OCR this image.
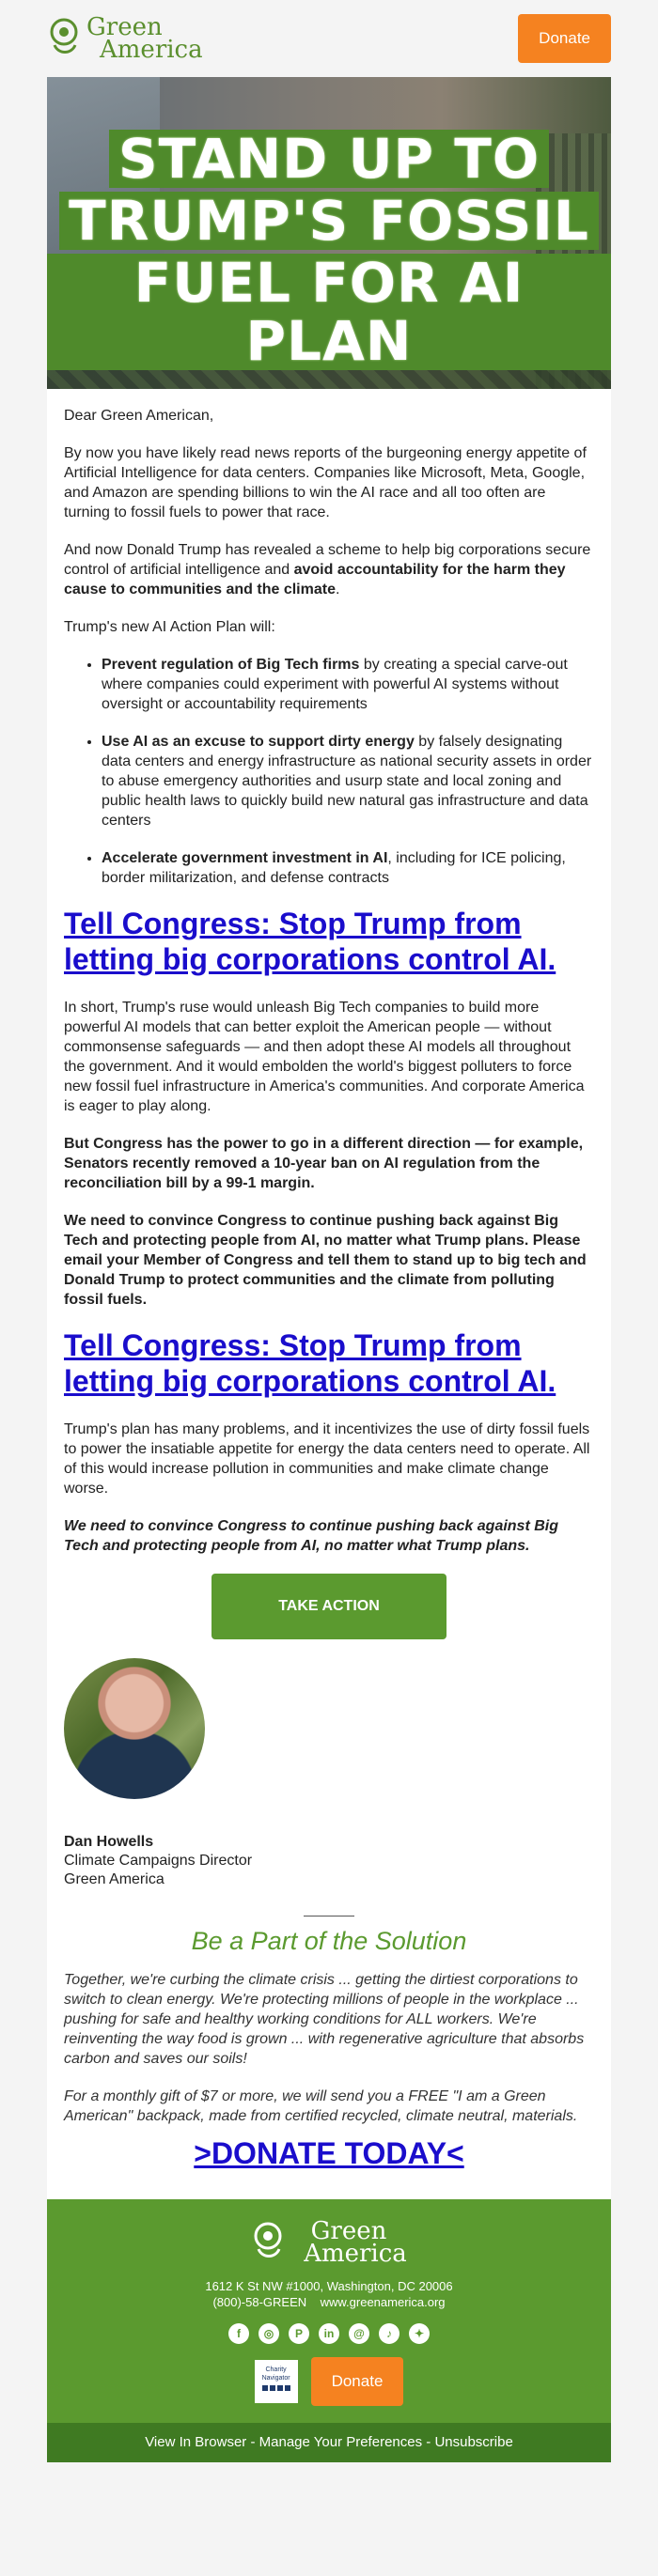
Green
America	Donate
STAND UP TO
TRUMP'S FOSSIL
FUEL FOR AI PLAN

Dear Green American,

By now you have likely read news reports of the burgeoning energy appetite of Artificial Intelligence for data centers. Companies like Microsoft, Meta, Google, and Amazon are spending billions to win the AI race and all too often are turning to fossil fuels to power that race.

And now Donald Trump has revealed a scheme to help big corporations secure control of artificial intelligence and avoid accountability for the harm they cause to communities and the climate.

Trump's new AI Action Plan will:

• Prevent regulation of Big Tech firms by creating a special carve-out where companies could experiment with powerful AI systems without oversight or accountability requirements
• Use AI as an excuse to support dirty energy by falsely designating data centers and energy infrastructure as national security assets in order to abuse emergency authorities and usurp state and local zoning and public health laws to quickly build new natural gas infrastructure and data centers
• Accelerate government investment in AI, including for ICE policing, border militarization, and defense contracts
Tell Congress: Stop Trump from letting big corporations control AI.

In short, Trump's ruse would unleash Big Tech companies to build more powerful AI models that can better exploit the American people — without commonsense safeguards — and then adopt these AI models all throughout the government. And it would embolden the world's biggest polluters to force new fossil fuel infrastructure in America's communities. And corporate America is eager to play along.

But Congress has the power to go in a different direction — for example, Senators recently removed a 10-year ban on AI regulation from the reconciliation bill by a 99-1 margin.

We need to convince Congress to continue pushing back against Big Tech and protecting people from AI, no matter what Trump plans. Please email your Member of Congress and tell them to stand up to big tech and Donald Trump to protect communities and the climate from polluting fossil fuels.

Tell Congress: Stop Trump from letting big corporations control AI.

Trump's plan has many problems, and it incentivizes the use of dirty fossil fuels to power the insatiable appetite for energy the data centers need to operate. All of this would increase pollution in communities and make climate change worse.

We need to convince Congress to continue pushing back against Big Tech and protecting people from AI, no matter what Trump plans.

TAKE ACTION
Dan Howells
Climate Campaigns Director
Green America
Be a Part of the Solution

Together, we're curbing the climate crisis ... getting the dirtiest corporations to switch to clean energy. We're protecting millions of people in the workplace ... pushing for safe and healthy working conditions for ALL workers. We're reinventing the way food is grown ... with regenerative agriculture that absorbs carbon and saves our soils!

For a monthly gift of $7 or more, we will send you a FREE "I am a Green American" backpack, made from certified recycled, climate neutral, materials.

>DONATE TODAY<
Green
America
1612 K St NW #1000, Washington, DC 20006
(800)-58-GREEN www.greenamerica.org
f	◎	P	in	@	♪	✦
Charity
Navigator	Donate
View In Browser - Manage Your Preferences - Unsubscribe
